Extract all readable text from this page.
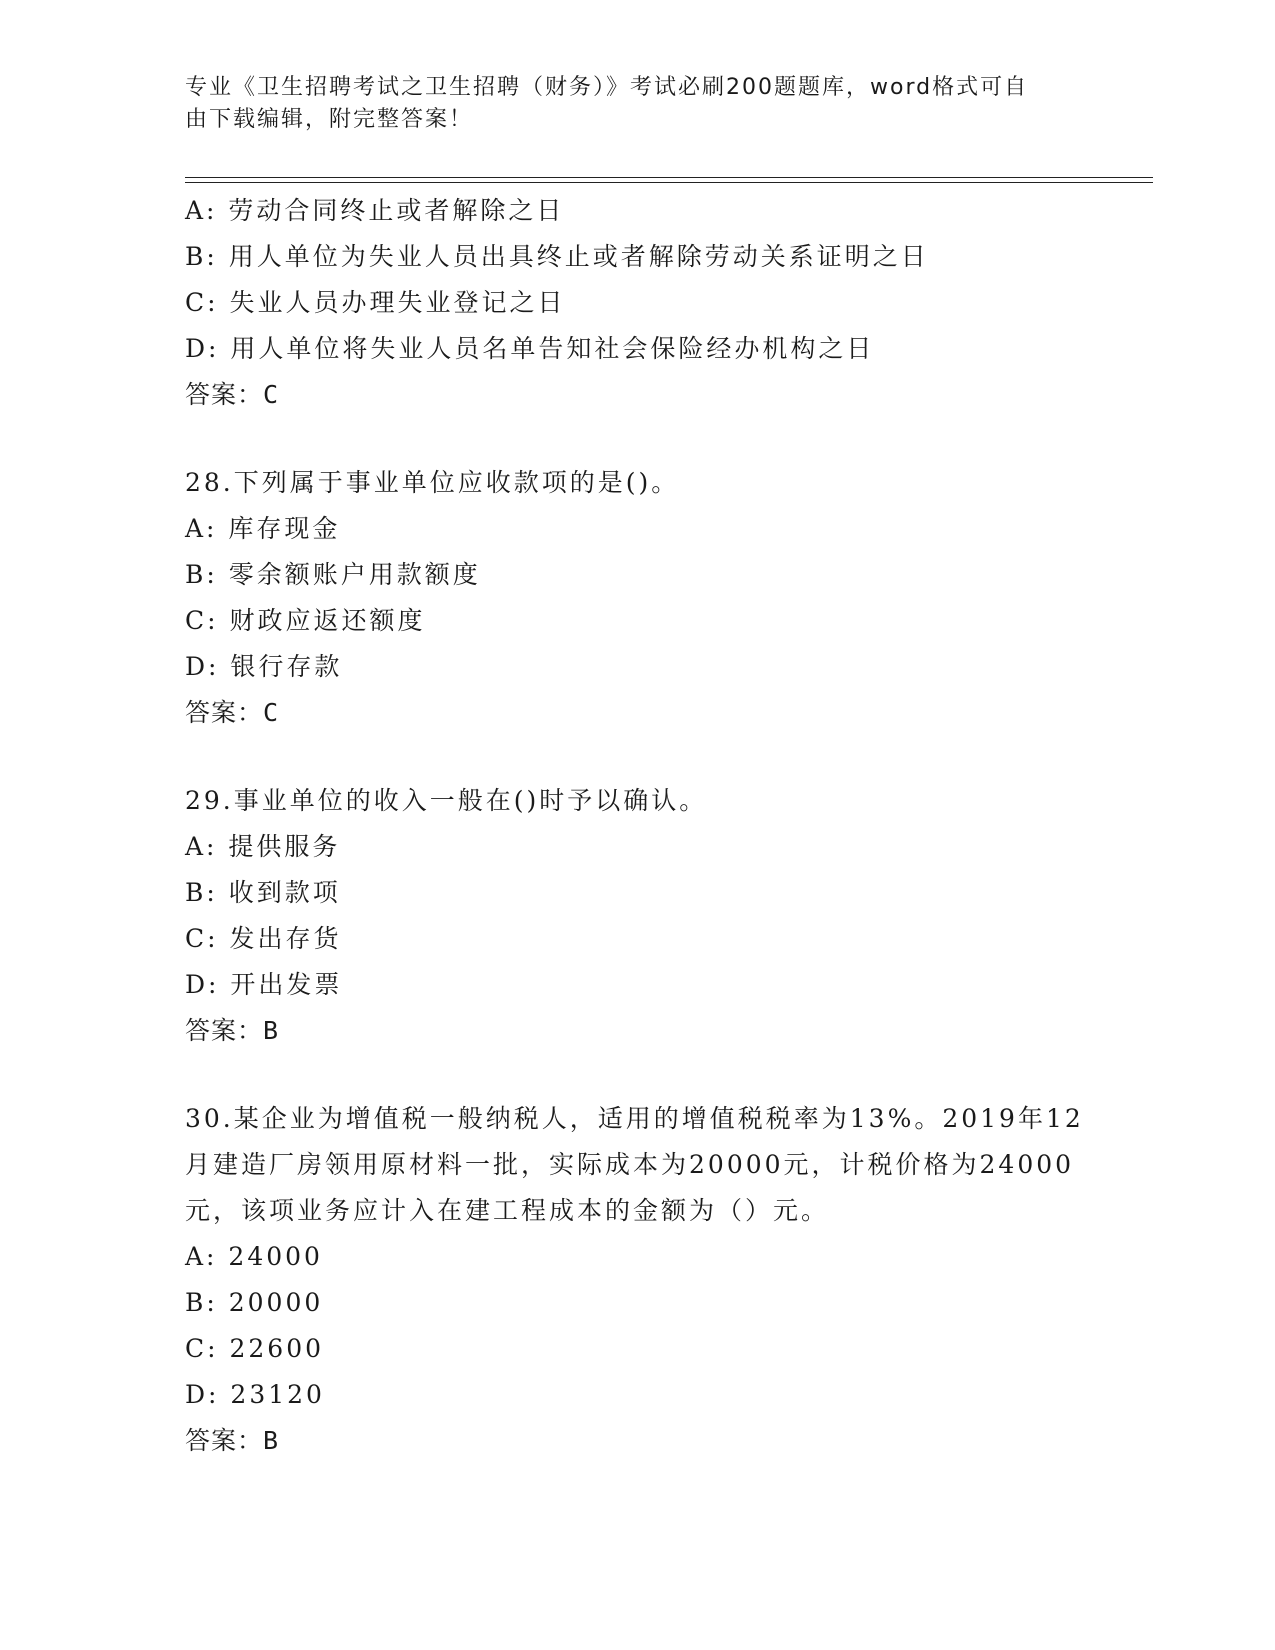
专业《卫生招聘考试之卫生招聘（财务）》考试必刷200题题库，word格式可自
由下载编辑，附完整答案！
A: 劳动合同终止或者解除之日
B: 用人单位为失业人员出具终止或者解除劳动关系证明之日
C: 失业人员办理失业登记之日
D: 用人单位将失业人员名单告知社会保险经办机构之日
答案：C
28.下列属于事业单位应收款项的是()。
A: 库存现金
B: 零余额账户用款额度
C: 财政应返还额度
D: 银行存款
答案：C
29.事业单位的收入一般在()时予以确认。
A: 提供服务
B: 收到款项
C: 发出存货
D: 开出发票
答案：B
30.某企业为增值税一般纳税人，适用的增值税税率为13%。2019年12
月建造厂房领用原材料一批，实际成本为20000元，计税价格为24000
元，该项业务应计入在建工程成本的金额为（）元。
A: 24000
B: 20000
C: 22600
D: 23120
答案：B
